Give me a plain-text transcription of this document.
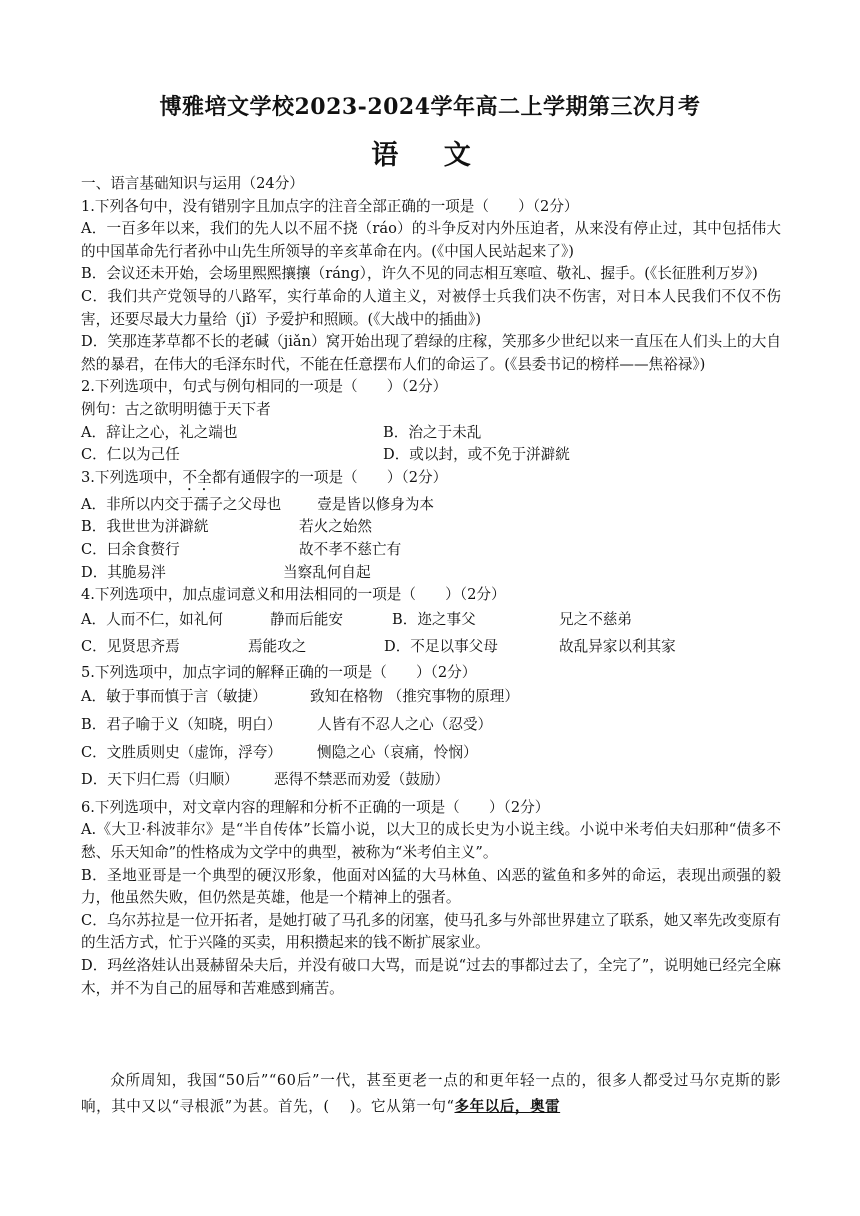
博雅培文学校2023-2024学年高二上学期第三次月考
语 文

一、语言基础知识与运用（24分）

1.下列各句中，没有错别字且加点字的注音全部正确的一项是（　　）（2分）

A．一百多年以来，我们的先人以不屈不挠（ráo）的斗争反对内外压迫者，从来没有停止过，其中包括伟大的中国革命先行者孙中山先生所领导的辛亥革命在内。(《中国人民站起来了》)

B．会议还未开始，会场里熙熙攘攘（ráng），许久不见的同志相互寒喧、敬礼、握手。(《长征胜利万岁》)

C．我们共产党领导的八路军，实行革命的人道主义，对被俘士兵我们决不伤害，对日本人民我们不仅不伤害，还要尽最大力量给（jǐ）予爱护和照顾。(《大战中的插曲》)

D．笑那连茅草都不长的老碱（jiǎn）窝开始出现了碧绿的庄稼，笑那多少世纪以来一直压在人们头上的大自然的暴君，在伟大的毛泽东时代，不能在任意摆布人们的命运了。(《县委书记的榜样——焦裕禄》)

2.下列选项中，句式与例句相同的一项是（　　）（2分）

例句：古之欲明明德于天下者

A．辞让之心，礼之端也	B．治之于未乱
C．仁以为己任	D．或以封，或不免于洴澼絖

3.下列选项中，不全都有通假字的一项是（　　）（2分）

A．非所以内交于孺子之父母也 壹是皆以修身为本

B．我世世为洴澼絖	若火之始然

C．曰余食赘行	故不孝不慈亡有

D．其脆易泮	当察乱何自起

4.下列选项中，加点虚词意义和用法相同的一项是（　　）（2分）

A．人而不仁，如礼何	静而后能安	B．迩之事父	兄之不慈弟

C．见贤思齐焉	焉能攻之	D．不足以事父母	故乱异家以利其家

5.下列选项中，加点字词的解释正确的一项是（　　）（2分）

A．敏于事而慎于言（敏捷）	致知在格物 （推究事物的原理）

B．君子喻于义（知晓，明白） 人皆有不忍人之心（忍受）

C．文胜质则史（虚饰，浮夸） 恻隐之心（哀痛，怜悯）

D．天下归仁焉（归顺） 恶得不禁恶而劝爱（鼓励）

6.下列选项中，对文章内容的理解和分析不正确的一项是（　　）（2分）

A.《大卫·科波菲尔》是“半自传体”长篇小说，以大卫的成长史为小说主线。小说中米考伯夫妇那种“债多不愁、乐天知命”的性格成为文学中的典型，被称为“米考伯主义”。

B．圣地亚哥是一个典型的硬汉形象，他面对凶猛的大马林鱼、凶恶的鲨鱼和多舛的命运，表现出顽强的毅力，他虽然失败，但仍然是英雄，他是一个精神上的强者。

C．乌尔苏拉是一位开拓者，是她打破了马孔多的闭塞，使马孔多与外部世界建立了联系，她又率先改变原有的生活方式，忙于兴隆的买卖，用积攒起来的钱不断扩展家业。

D．玛丝洛娃认出聂赫留朵夫后，并没有破口大骂，而是说“过去的事都过去了，全完了”，说明她已经完全麻木，并不为自己的屈辱和苦难感到痛苦。

众所周知，我国“50后”“60后”一代，甚至更老一点的和更年轻一点的，很多人都受过马尔克斯的影响，其中又以“寻根派”为甚。首先，(　 )。它从第一句“多年以后，奥雷
